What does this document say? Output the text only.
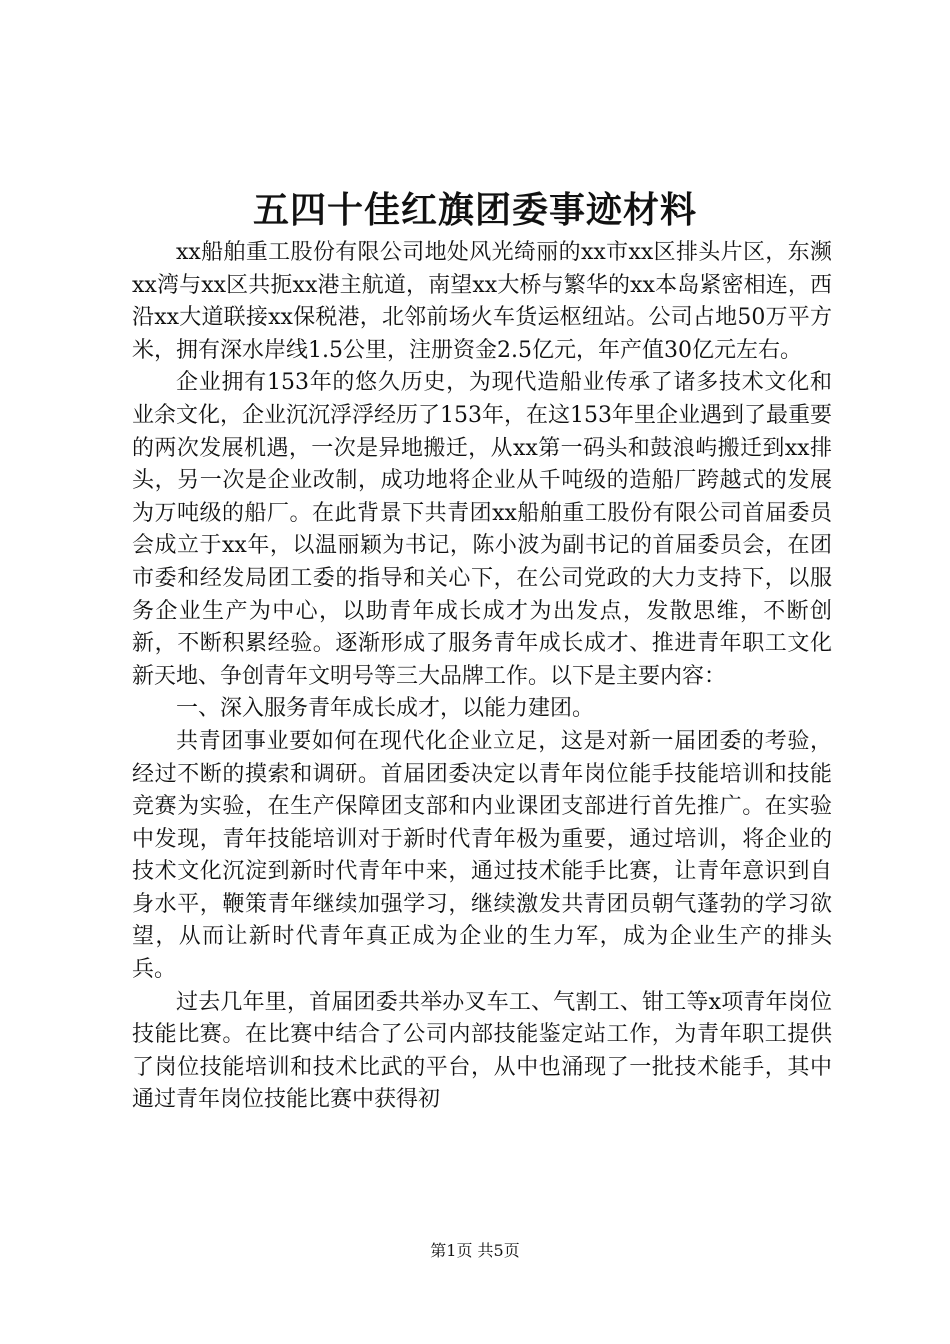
五四十佳红旗团委事迹材料

xx船舶重工股份有限公司地处风光绮丽的xx市xx区排头片区，东濒xx湾与xx区共扼xx港主航道，南望xx大桥与繁华的xx本岛紧密相连，西沿xx大道联接xx保税港，北邻前场火车货运枢纽站。公司占地50万平方米，拥有深水岸线1.5公里，注册资金2.5亿元，年产值30亿元左右。

企业拥有153年的悠久历史，为现代造船业传承了诸多技术文化和业余文化，企业沉沉浮浮经历了153年，在这153年里企业遇到了最重要的两次发展机遇，一次是异地搬迁，从xx第一码头和鼓浪屿搬迁到xx排头，另一次是企业改制，成功地将企业从千吨级的造船厂跨越式的发展为万吨级的船厂。在此背景下共青团xx船舶重工股份有限公司首届委员会成立于xx年，以温丽颖为书记，陈小波为副书记的首届委员会，在团市委和经发局团工委的指导和关心下，在公司党政的大力支持下，以服务企业生产为中心，以助青年成长成才为出发点，发散思维，不断创新，不断积累经验。逐渐形成了服务青年成长成才、推进青年职工文化新天地、争创青年文明号等三大品牌工作。以下是主要内容：

一、深入服务青年成长成才，以能力建团。

共青团事业要如何在现代化企业立足，这是对新一届团委的考验，经过不断的摸索和调研。首届团委决定以青年岗位能手技能培训和技能竞赛为实验，在生产保障团支部和内业课团支部进行首先推广。在实验中发现，青年技能培训对于新时代青年极为重要，通过培训，将企业的技术文化沉淀到新时代青年中来，通过技术能手比赛，让青年意识到自身水平，鞭策青年继续加强学习，继续激发共青团员朝气蓬勃的学习欲望，从而让新时代青年真正成为企业的生力军，成为企业生产的排头兵。

过去几年里，首届团委共举办叉车工、气割工、钳工等x项青年岗位技能比赛。在比赛中结合了公司内部技能鉴定站工作，为青年职工提供了岗位技能培训和技术比武的平台，从中也涌现了一批技术能手，其中通过青年岗位技能比赛中获得初

第1页 共5页
